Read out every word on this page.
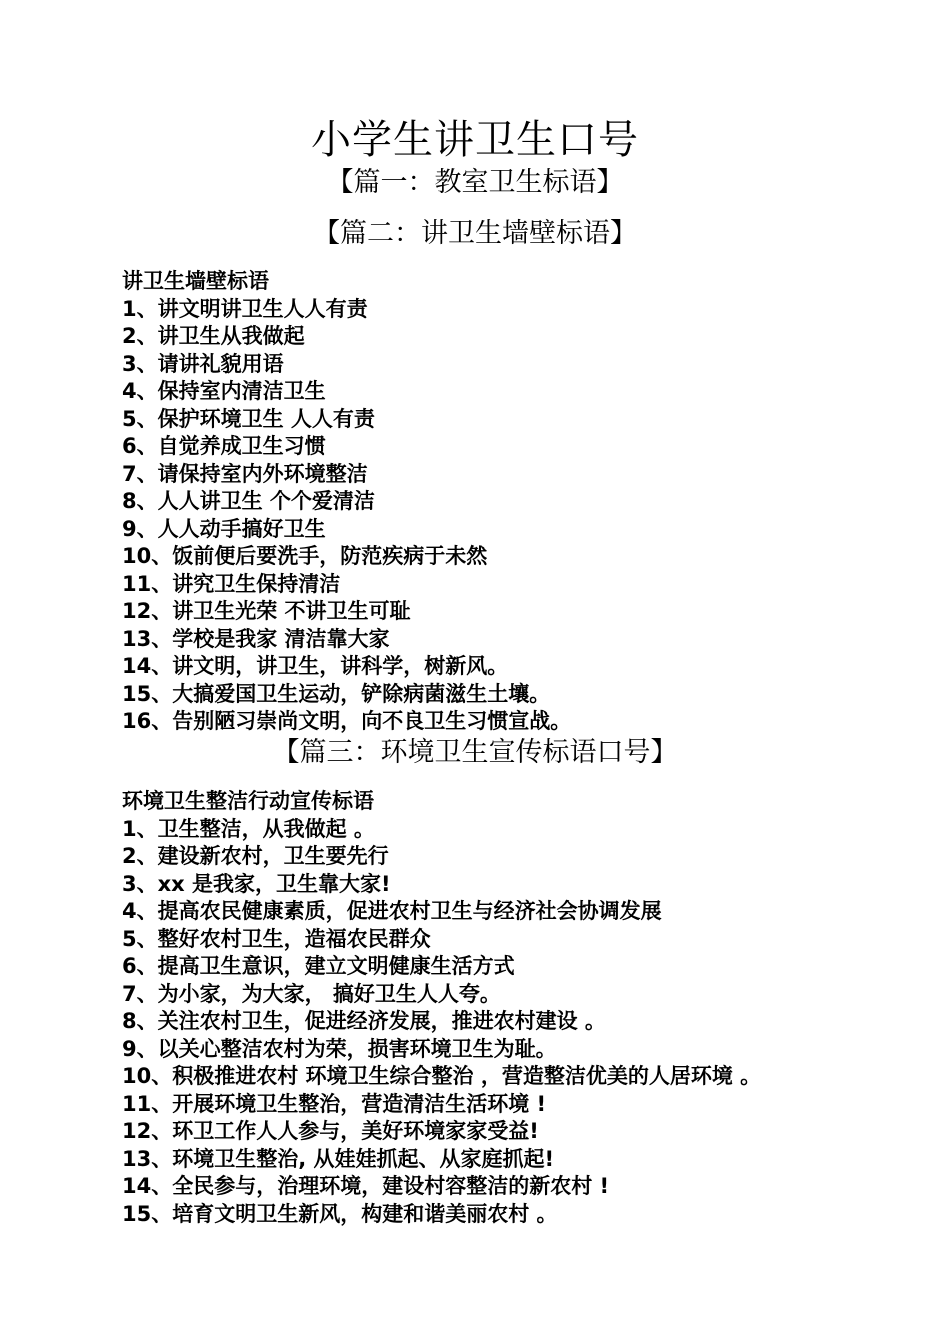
小学生讲卫生口号
【篇一：教室卫生标语】
【篇二：讲卫生墙壁标语】

讲卫生墙壁标语

1、讲文明讲卫生人人有责

2、讲卫生从我做起

3、请讲礼貌用语

4、保持室内清洁卫生

5、保护环境卫生 人人有责

6、自觉养成卫生习惯

7、请保持室内外环境整洁

8、人人讲卫生 个个爱清洁

9、人人动手搞好卫生

10、饭前便后要洗手，防范疾病于未然

11、讲究卫生保持清洁

12、讲卫生光荣 不讲卫生可耻

13、学校是我家 清洁靠大家

14、讲文明，讲卫生，讲科学，树新风。

15、大搞爱国卫生运动，铲除病菌滋生土壤。

16、告别陋习崇尚文明，向不良卫生习惯宣战。

【篇三：环境卫生宣传标语口号】

环境卫生整洁行动宣传标语

1、卫生整洁，从我做起 。

2、建设新农村，卫生要先行

3、xx 是我家，卫生靠大家!

4、提高农民健康素质，促进农村卫生与经济社会协调发展

5、整好农村卫生，造福农民群众

6、提高卫生意识，建立文明健康生活方式

7、为小家，为大家， 搞好卫生人人夸。

8、关注农村卫生，促进经济发展，推进农村建设 。

9、以关心整洁农村为荣，损害环境卫生为耻。

10、积极推进农村 环境卫生综合整治 ，营造整洁优美的人居环境 。

11、开展环境卫生整治，营造清洁生活环境 !

12、环卫工作人人参与，美好环境家家受益!

13、环境卫生整治, 从娃娃抓起、从家庭抓起!

14、全民参与，治理环境，建设村容整洁的新农村 !

15、培育文明卫生新风，构建和谐美丽农村 。
